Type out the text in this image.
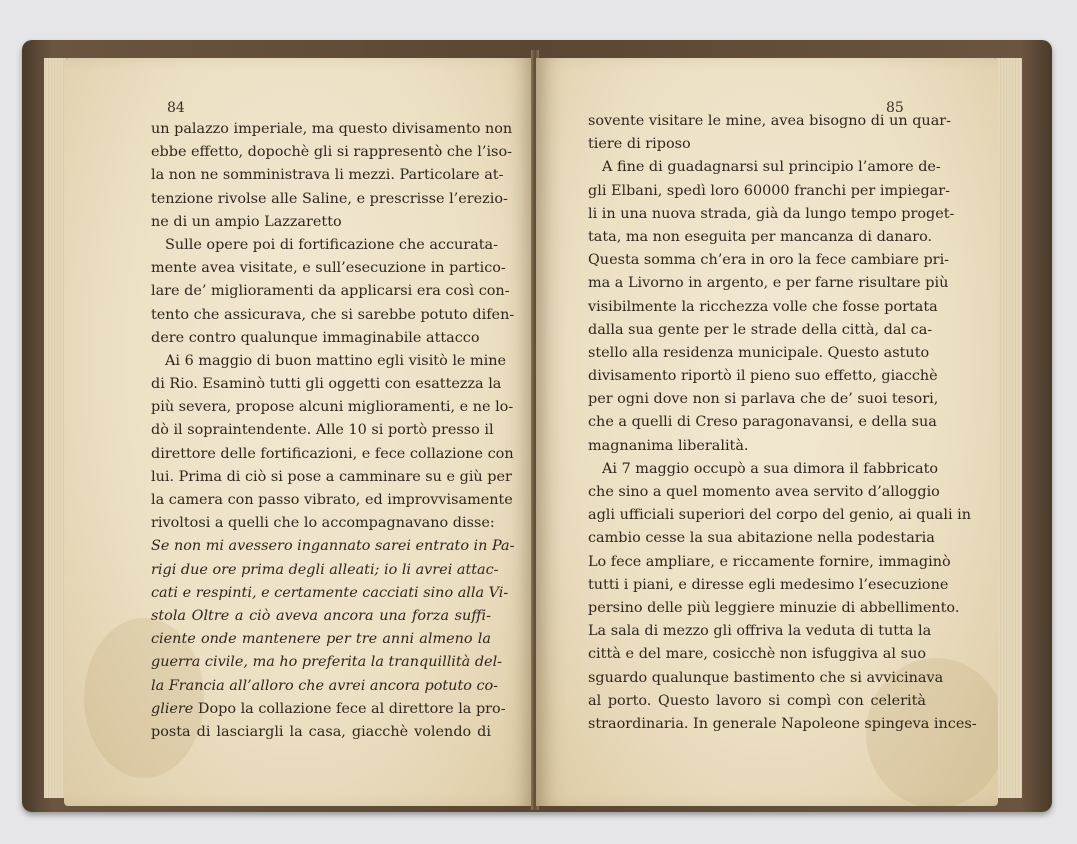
84
un palazzo imperiale, ma questo divisamento non
ebbe effetto, dopochè gli si rappresentò che l’iso-
la non ne somministrava li mezzi. Particolare at-
tenzione rivolse alle Saline, e prescrisse l’erezio-
ne di un ampio Lazzaretto
Sulle opere poi di fortificazione che accurata-
mente avea visitate, e sull’esecuzione in partico-
lare de’ miglioramenti da applicarsi era così con-
tento che assicurava, che si sarebbe potuto difen-
dere contro qualunque immaginabile attacco
Ai 6 maggio di buon mattino egli visitò le mine
di Rio. Esaminò tutti gli oggetti con esattezza la
più severa, propose alcuni miglioramenti, e ne lo-
dò il sopraintendente. Alle 10 si portò presso il
direttore delle fortificazioni, e fece collazione con
lui. Prima di ciò si pose a camminare su e giù per
la camera con passo vibrato, ed improvvisamente
rivoltosi a quelli che lo accompagnavano disse:
Se non mi avessero ingannato sarei entrato in Pa-
rigi due ore prima degli alleati; io li avrei attac-
cati e respinti, e certamente cacciati sino alla Vi-
stola Oltre a ciò aveva ancora una forza suffi-
ciente onde mantenere per tre anni almeno la
guerra civile, ma ho preferita la tranquillità del-
la Francia all’alloro che avrei ancora potuto co-
gliere Dopo la collazione fece al direttore la pro-
posta di lasciargli la casa, giacchè volendo di
85
sovente visitare le mine, avea bisogno di un quar-
tiere di riposo
A fine di guadagnarsi sul principio l’amore de-
gli Elbani, spedì loro 60000 franchi per impiegar-
li in una nuova strada, già da lungo tempo proget-
tata, ma non eseguita per mancanza di danaro.
Questa somma ch’era in oro la fece cambiare pri-
ma a Livorno in argento, e per farne risultare più
visibilmente la ricchezza volle che fosse portata
dalla sua gente per le strade della città, dal ca-
stello alla residenza municipale. Questo astuto
divisamento riportò il pieno suo effetto, giacchè
per ogni dove non si parlava che de’ suoi tesori,
che a quelli di Creso paragonavansi, e della sua
magnanima liberalità.
Ai 7 maggio occupò a sua dimora il fabbricato
che sino a quel momento avea servito d’alloggio
agli ufficiali superiori del corpo del genio, ai quali in
cambio cesse la sua abitazione nella podestaria
Lo fece ampliare, e riccamente fornire, immaginò
tutti i piani, e diresse egli medesimo l’esecuzione
persino delle più leggiere minuzie di abbellimento.
La sala di mezzo gli offriva la veduta di tutta la
città e del mare, cosicchè non isfuggiva al suo
sguardo qualunque bastimento che si avvicinava
al porto. Questo lavoro si compì con celerità
straordinaria. In generale Napoleone spingeva inces-
